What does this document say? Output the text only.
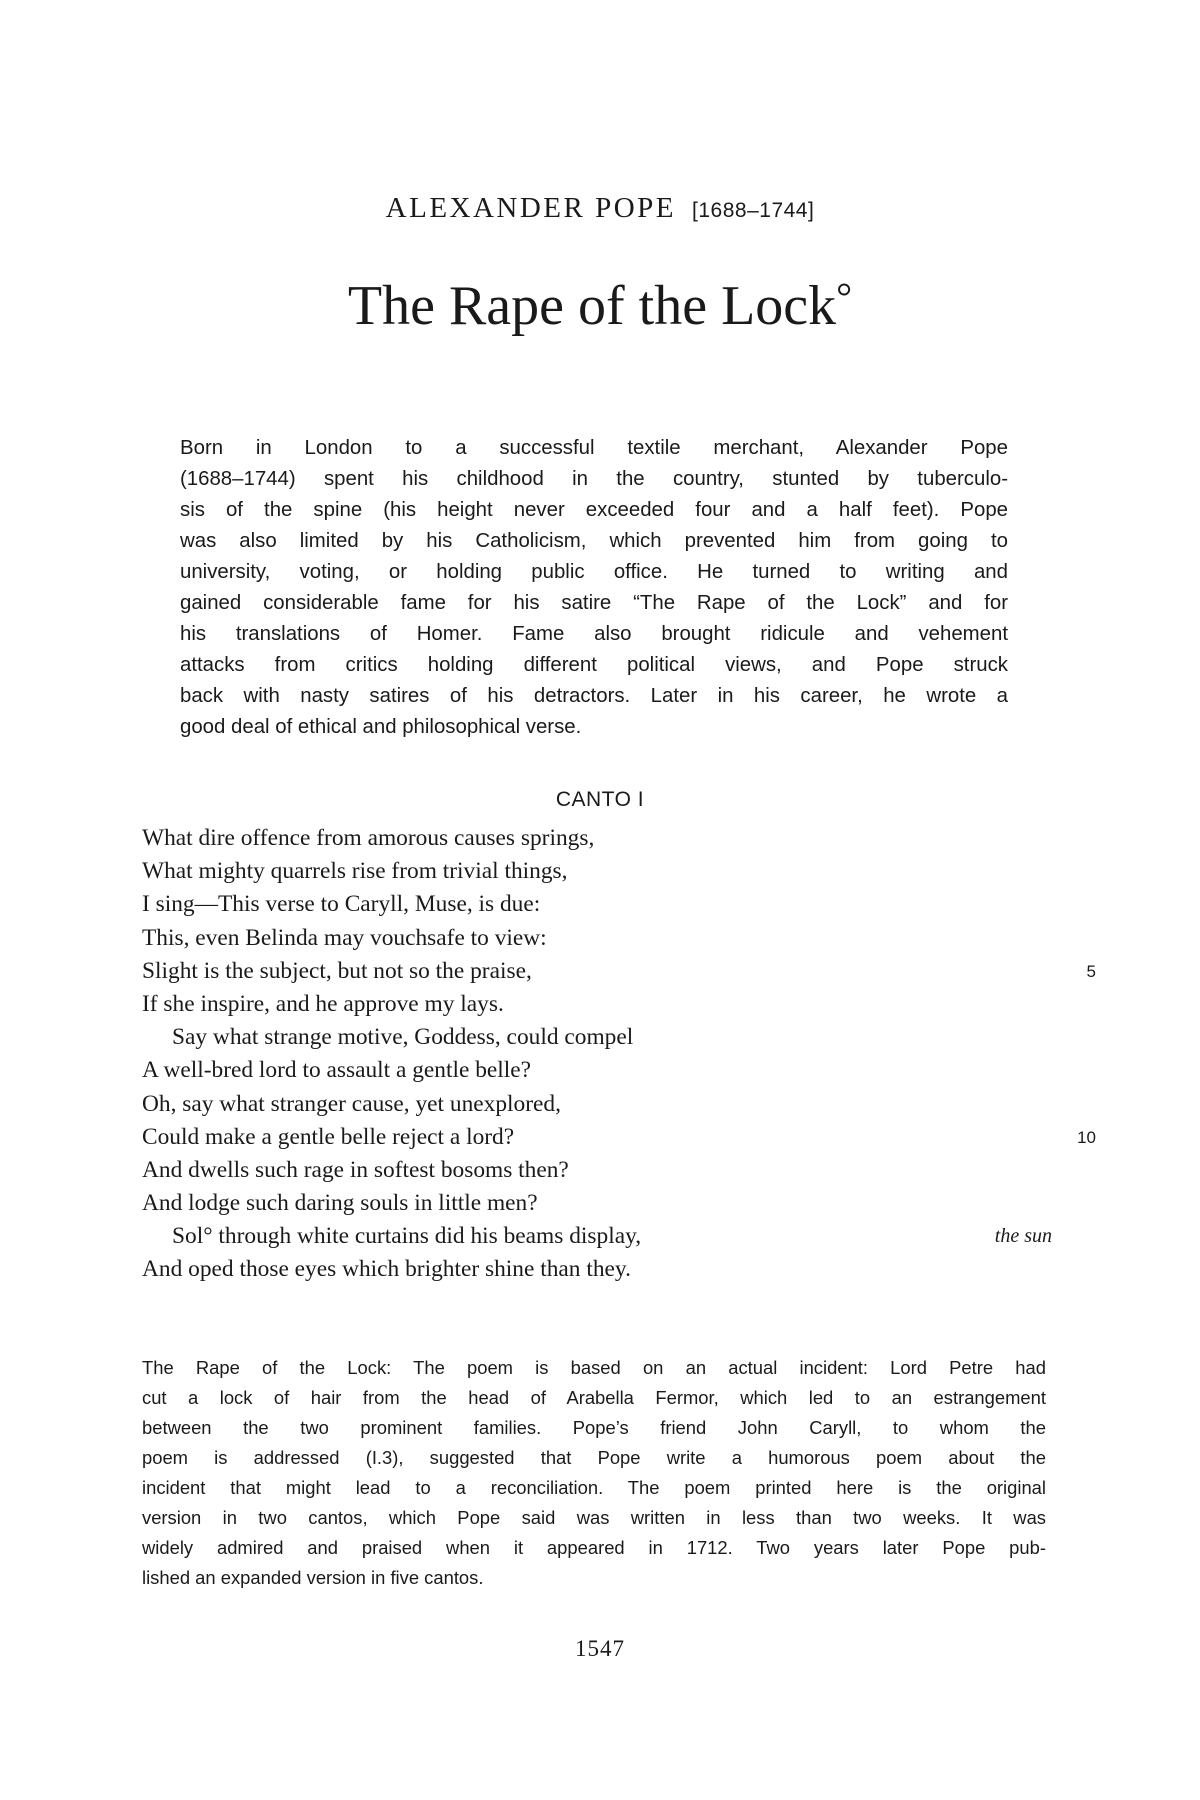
ALEXANDER POPE [1688–1744]
The Rape of the Lock°
Born in London to a successful textile merchant, Alexander Pope
(1688–1744) spent his childhood in the country, stunted by tuberculo-
sis of the spine (his height never exceeded four and a half feet). Pope
was also limited by his Catholicism, which prevented him from going to
university, voting, or holding public office. He turned to writing and
gained considerable fame for his satire “The Rape of the Lock” and for
his translations of Homer. Fame also brought ridicule and vehement
attacks from critics holding different political views, and Pope struck
back with nasty satires of his detractors. Later in his career, he wrote a
good deal of ethical and philosophical verse.
CANTO I
What dire offence from amorous causes springs,
What mighty quarrels rise from trivial things,
I sing—This verse to Caryll, Muse, is due:
This, even Belinda may vouchsafe to view:
Slight is the subject, but not so the praise,	5
If she inspire, and he approve my lays.
Say what strange motive, Goddess, could compel
A well-bred lord to assault a gentle belle?
Oh, say what stranger cause, yet unexplored,
Could make a gentle belle reject a lord?	10
And dwells such rage in softest bosoms then?
And lodge such daring souls in little men?
Sol° through white curtains did his beams display,	the sun
And oped those eyes which brighter shine than they.
The Rape of the Lock: The poem is based on an actual incident: Lord Petre had
cut a lock of hair from the head of Arabella Fermor, which led to an estrangement
between the two prominent families. Pope’s friend John Caryll, to whom the
poem is addressed (I.3), suggested that Pope write a humorous poem about the
incident that might lead to a reconciliation. The poem printed here is the original
version in two cantos, which Pope said was written in less than two weeks. It was
widely admired and praised when it appeared in 1712. Two years later Pope pub-
lished an expanded version in five cantos.
1547
